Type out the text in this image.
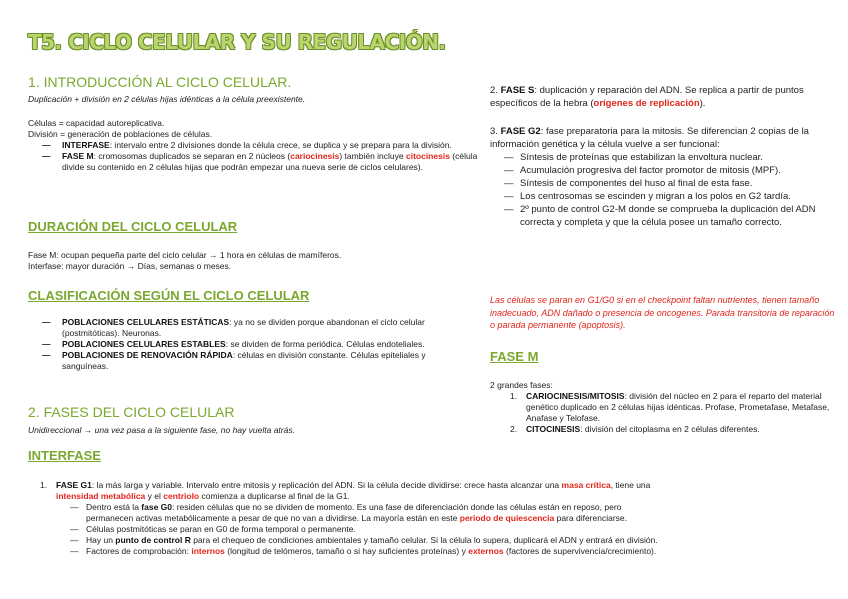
T5. CICLO CELULAR Y SU REGULACIÓN.
1. INTRODUCCIÓN AL CICLO CELULAR.

Duplicación + división en 2 células hijas idénticas a la célula preexistente.

Células = capacidad autoreplicativa.
División = generación de poblaciones de células.
— INTERFASE: intervalo entre 2 divisiones donde la célula crece, se duplica y se prepara para la división.
— FASE M: cromosomas duplicados se separan en 2 núcleos (cariocinesis) también incluye citocinesis (célula divide su contenido en 2 células hijas que podrán empezar una nueva serie de ciclos celulares).
DURACIÓN DEL CICLO CELULAR
Fase M: ocupan pequeña parte del ciclo celular → 1 hora en células de mamíferos.
Interfase: mayor duración → Días, semanas o meses.
CLASIFICACIÓN SEGÚN EL CICLO CELULAR
— POBLACIONES CELULARES ESTÁTICAS: ya no se dividen porque abandonan el ciclo celular (postmitóticas). Neuronas.
— POBLACIONES CELULARES ESTABLES: se dividen de forma periódica. Células endoteliales.
— POBLACIONES DE RENOVACIÓN RÁPIDA: células en división constante. Células epiteliales y sanguíneas.
2. FASES DEL CICLO CELULAR

Unidireccional → una vez pasa a la siguiente fase, no hay vuelta atrás.

INTERFASE
1. FASE G1: la más larga y variable. Intervalo entre mitosis y replicación del ADN. Si la célula decide dividirse: crece hasta alcanzar una masa crítica, tiene una intensidad metabólica y el centriolo comienza a duplicarse al final de la G1.
— Dentro está la fase G0: residen células que no se dividen de momento. Es una fase de diferenciación donde las células están en reposo, pero permanecen activas metabólicamente a pesar de que no van a dividirse. La mayoría están en este periodo de quiescencia para diferenciarse.
— Células postmitóticas se paran en G0 de forma temporal o permanente.
— Hay un punto de control R para el chequeo de condiciones ambientales y tamaño celular. Si la célula lo supera, duplicará el ADN y entrará en división.
— Factores de comprobación: internos (longitud de telómeros, tamaño o si hay suficientes proteínas) y externos (factores de supervivencia/crecimiento).
2. FASE S: duplicación y reparación del ADN. Se replica a partir de puntos específicos de la hebra (orígenes de replicación).
3. FASE G2: fase preparatoria para la mitosis. Se diferencian 2 copias de la información genética y la célula vuelve a ser funcional:
— Síntesis de proteínas que estabilizan la envoltura nuclear.
— Acumulación progresiva del factor promotor de mitosis (MPF).
— Síntesis de componentes del huso al final de esta fase.
— Los centrosomas se escinden y migran a los polos en G2 tardía.
— 2º punto de control G2-M donde se comprueba la duplicación del ADN correcta y completa y que la célula posee un tamaño correcto.

Las células se paran en G1/G0 si en el checkpoint faltan nutrientes, tienen tamaño inadecuado, ADN dañado o presencia de oncogenes. Parada transitoria de reparación o parada permanente (apoptosis).

FASE M
2 grandes fases:
1. CARIOCINESIS/MITOSIS: división del núcleo en 2 para el reparto del material genético duplicado en 2 células hijas idénticas. Profase, Prometafase, Metafase, Anafase y Telofase.
2. CITOCINESIS: división del citoplasma en 2 células diferentes.
